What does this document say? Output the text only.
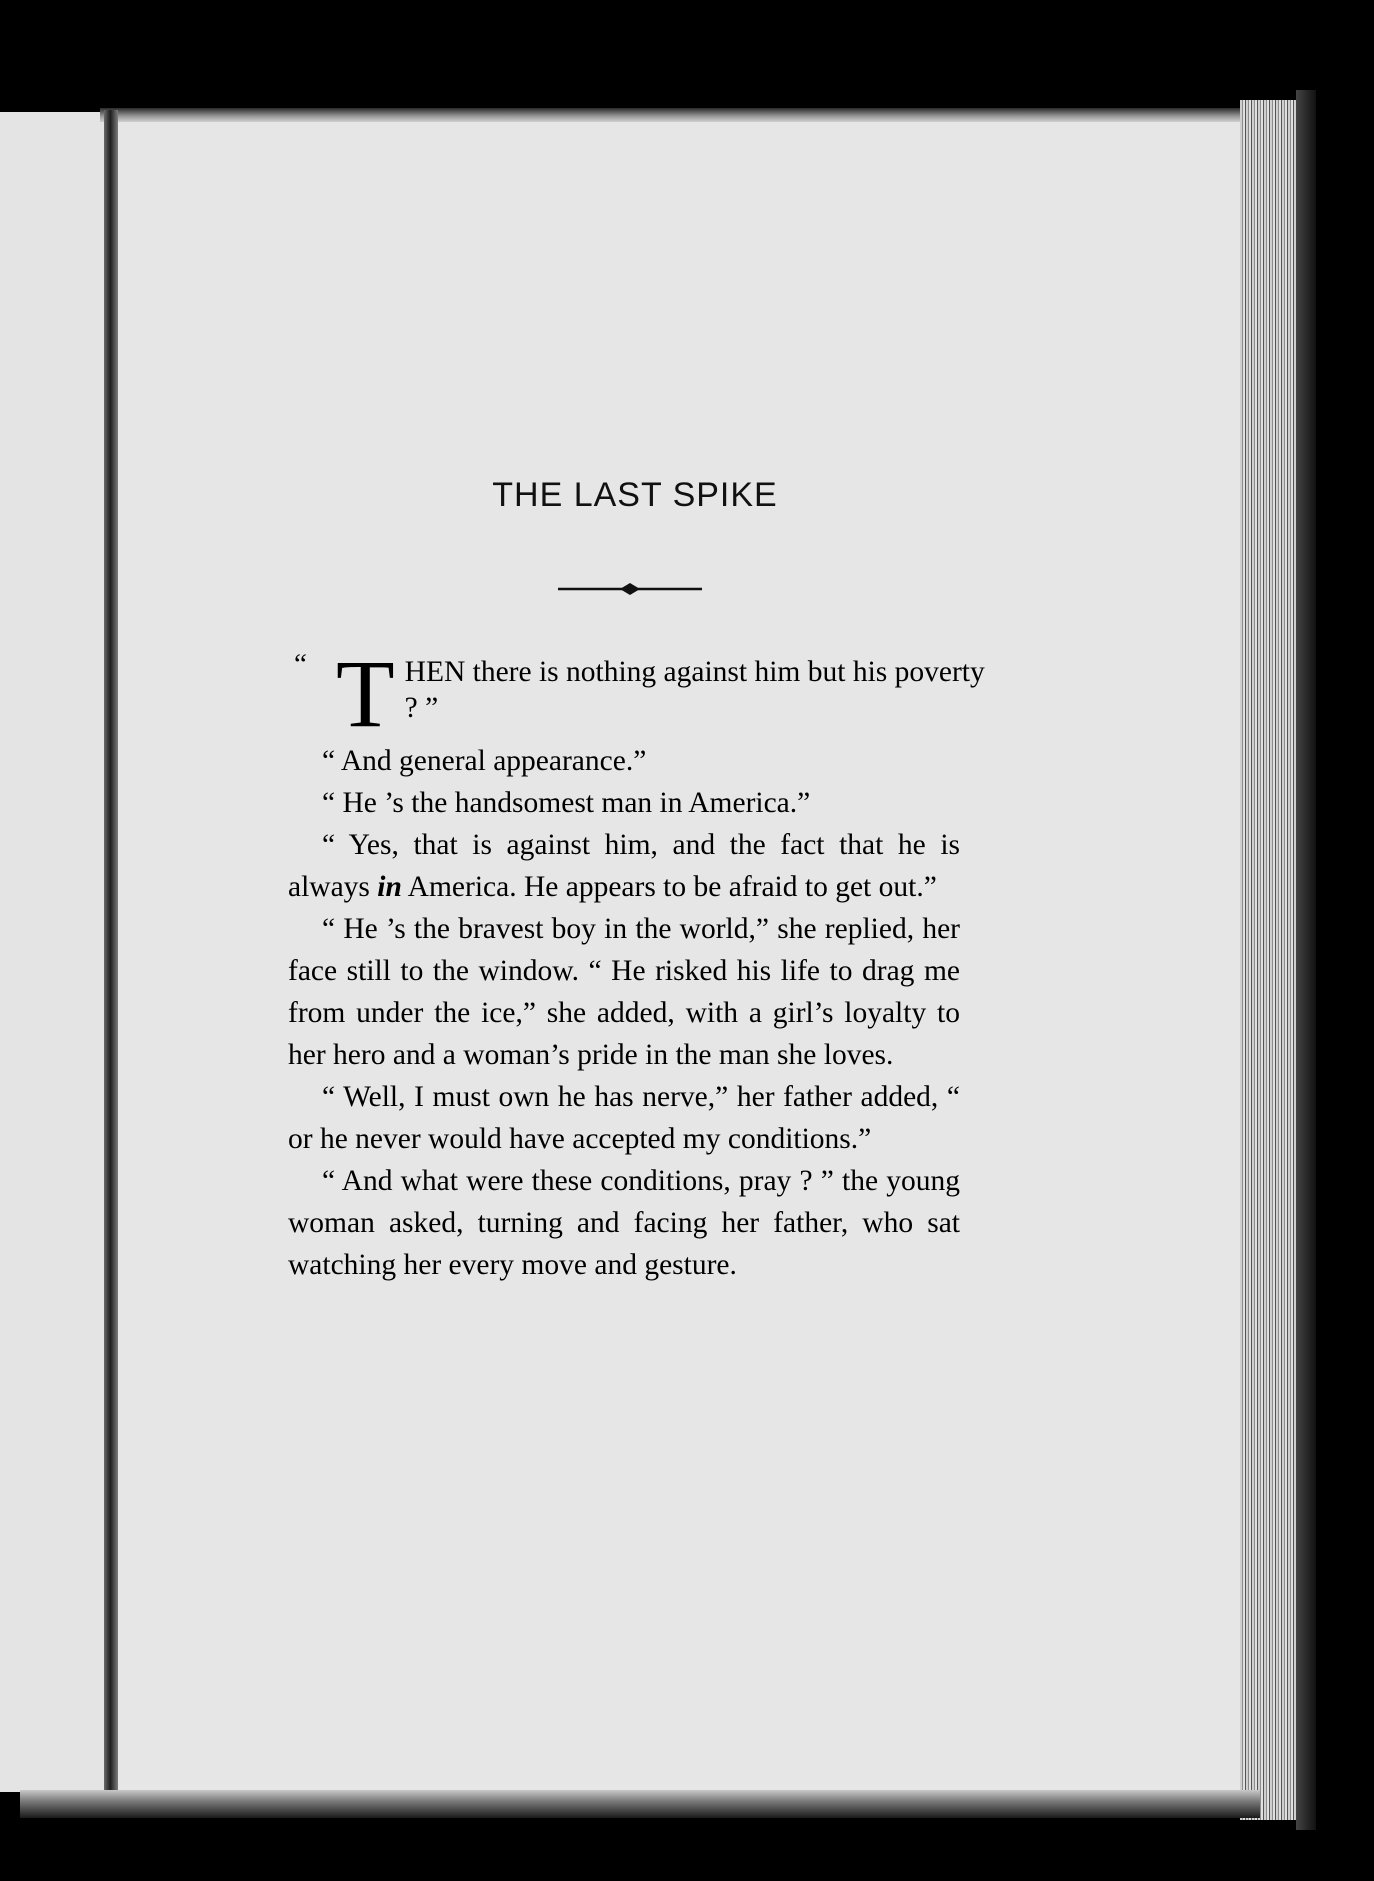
THE LAST SPIKE
“ T HEN there is nothing against him but his poverty ? ”

“ And general appearance.”

“ He ’s the handsomest man in America.”

“ Yes, that is against him, and the fact that he is always in America. He appears to be afraid to get out.”

“ He ’s the bravest boy in the world,” she replied, her face still to the window. “ He risked his life to drag me from under the ice,” she added, with a girl’s loyalty to her hero and a woman’s pride in the man she loves.

“ Well, I must own he has nerve,” her father added, “ or he never would have accepted my conditions.”

“ And what were these conditions, pray ? ” the young woman asked, turning and facing her father, who sat watching her every move and gesture.
